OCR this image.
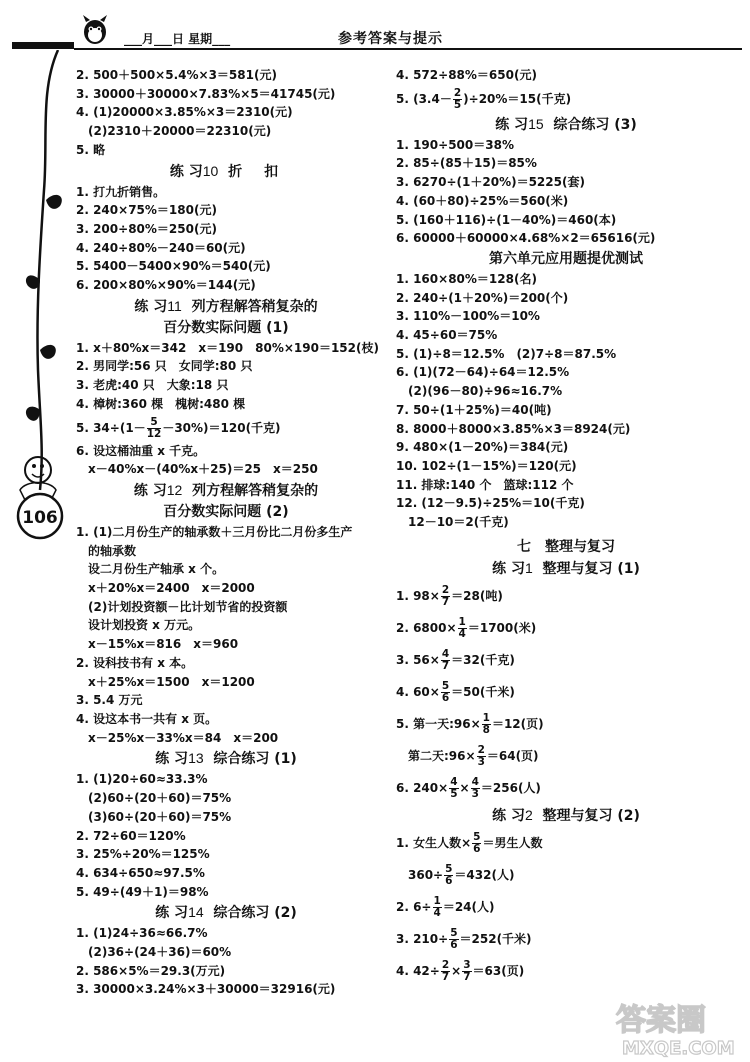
___月___日 星期___	参考答案与提示
106
2. 500＋500×5.4%×3＝581(元)
3. 30000＋30000×7.83%×5＝41745(元)
4. (1)20000×3.85%×3＝2310(元)
(2)2310＋20000＝22310(元)
5. 略
练 习10 折　扣
1. 打九折销售。
2. 240×75%＝180(元)
3. 200÷80%＝250(元)
4. 240÷80%－240＝60(元)
5. 5400－5400×90%＝540(元)
6. 200×80%×90%＝144(元)
练 习11 列方程解答稍复杂的
百分数实际问题 (1)
1. x＋80%x＝342　x＝190　80%×190＝152(枝)
2. 男同学:56 只　女同学:80 只
3. 老虎:40 只　大象:18 只
4. 樟树:360 棵　槐树:480 棵
5. $34\div(1- \frac{5}{12} -30\%)=120$(千克)
6. 设这桶油重 x 千克。
x－40%x－(40%x＋25)＝25　x＝250
练 习12 列方程解答稍复杂的
百分数实际问题 (2)
1. (1)二月份生产的轴承数＋三月份比二月份多生产
的轴承数
设二月份生产轴承 x 个。
x＋20%x＝2400　x＝2000
(2)计划投资额－比计划节省的投资额
设计划投资 x 万元。
x－15%x＝816　x＝960
2. 设科技书有 x 本。
x＋25%x＝1500　x＝1200
3. 5.4 万元
4. 设这本书一共有 x 页。
x－25%x－33%x＝84　x＝200
练 习13 综合练习 (1)
1. (1)20÷60≈33.3%
(2)60÷(20＋60)＝75%
(3)60÷(20＋60)＝75%
2. 72÷60＝120%
3. 25%÷20%＝125%
4. 634÷650≈97.5%
5. 49÷(49＋1)＝98%
练 习14 综合练习 (2)
1. (1)24÷36≈66.7%
(2)36÷(24＋36)＝60%
2. 586×5%＝29.3(万元)
3. 30000×3.24%×3＋30000＝32916(元)
4. 572÷88%＝650(元)
5. $(3.4- \frac{2}{5} )\div 20\%=15$(千克)
练 习15 综合练习 (3)
1. 190÷500＝38%
2. 85÷(85＋15)＝85%
3. 6270÷(1＋20%)＝5225(套)
4. (60＋80)÷25%＝560(米)
5. (160＋116)÷(1－40%)＝460(本)
6. 60000＋60000×4.68%×2＝65616(元)
第六单元应用题提优测试
1. 160×80%＝128(名)
2. 240÷(1＋20%)＝200(个)
3. 110%－100%＝10%
4. 45÷60＝75%
5. (1)÷8＝12.5%　(2)7÷8＝87.5%
6. (1)(72－64)÷64＝12.5%
(2)(96－80)÷96≈16.7%
7. 50÷(1＋25%)＝40(吨)
8. 8000＋8000×3.85%×3＝8924(元)
9. 480×(1－20%)＝384(元)
10. 102÷(1－15%)＝120(元)
11. 排球:140 个　篮球:112 个
12. (12－9.5)÷25%＝10(千克)
12－10＝2(千克)
七　整理与复习
练 习1 整理与复习 (1)
1. $98\times \frac{2}{7} =28$(吨)
2. $6800\times \frac{1}{4} =1700$(米)
3. $56\times \frac{4}{7} =32$(千克)
4. $60\times \frac{5}{6} =50$(千米)
5. 第一天:96× $\frac{1}{8} =12$(页)
第二天:96× $\frac{2}{3} =64$(页)
6. $240\times \frac{4}{5} \times \frac{4}{3} =256$(人)
练 习2 整理与复习 (2)
1. 女生人数× $\frac{5}{6}$ ＝男生人数
$360\div \frac{5}{6} =432$(人)
2. $6\div \frac{1}{4} =24$(人)
3. $210\div \frac{5}{6} =252$(千米)
4. $42\div \frac{2}{7} \times \frac{3}{7} =63$(页)
答案圈
MXQE.COM
